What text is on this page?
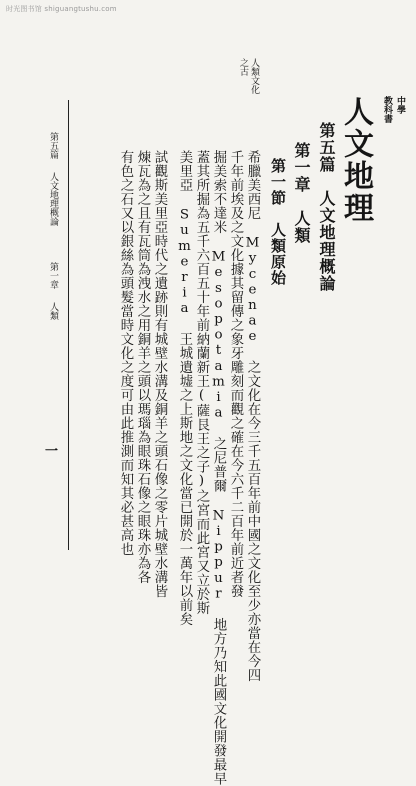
时光图书馆 shiguangtushu.com
中學
教科書
人文地理
人類文化
之古
第五篇　人文地理概論
第一章　人類
第一節　人類原始
希臘美西尼 Mycenae 之文化在今三千五百年前中國之文化至少亦當在今四
千年前埃及之文化據其留傳之象牙雕刻而觀之確在今六千二百年前近者發
掘美索不達米 Mesopotamia 之尼普爾 Nippur 地方乃知此國文化開發最早
蓋其所掘為五千六百五十年前納蘭新王(薩艮王之子)之宮而此宮又立於斯
美里亞 Sumeria 王城遺墟之上斯地之文化當已開於一萬年以前矣
試觀斯美里亞時代之遺跡則有城壁水溝及銅羊之頭石像之零片城壁水溝皆
煉瓦為之且有瓦筒為洩水之用銅羊之頭以瑪瑙為眼珠石像之眼珠亦為各
有色之石又以銀絲為頭髮當時文化之度可由此推測而知其必甚高也
第五篇
人文地理概論
第一章
人類
一
